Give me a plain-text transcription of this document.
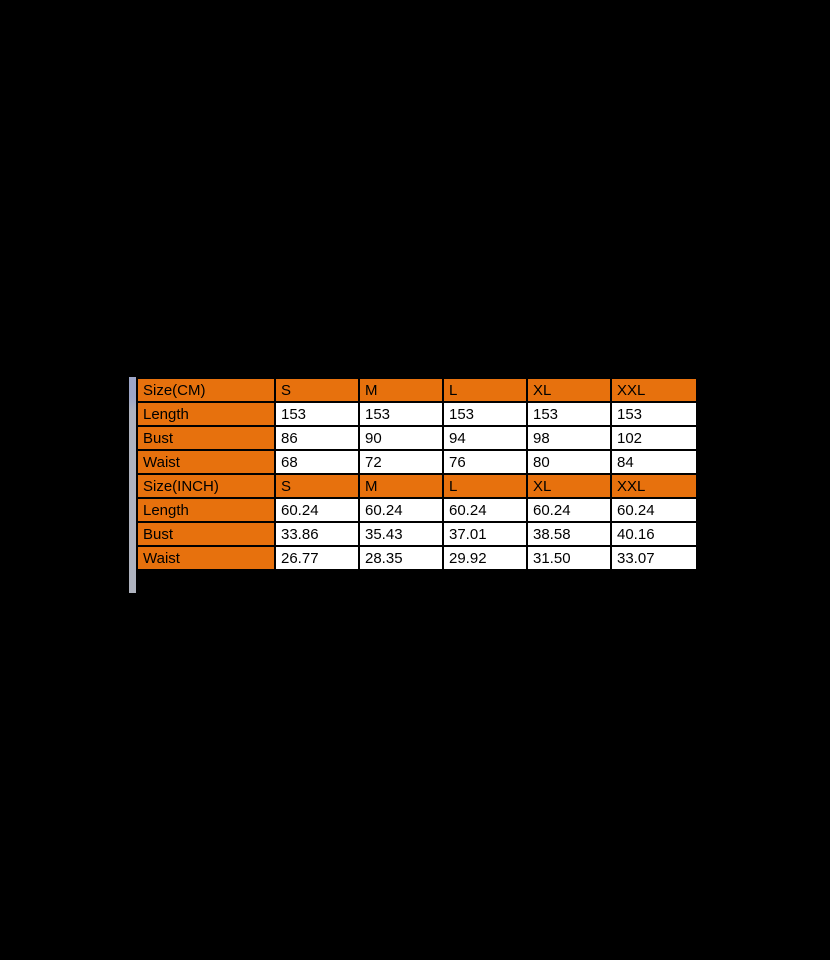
Size(CM)	S	M	L	XL	XXL
Length	153	153	153	153	153
Bust	86	90	94	98	102
Waist	68	72	76	80	84
Size(INCH)	S	M	L	XL	XXL
Length	60.24	60.24	60.24	60.24	60.24
Bust	33.86	35.43	37.01	38.58	40.16
Waist	26.77	28.35	29.92	31.50	33.07
